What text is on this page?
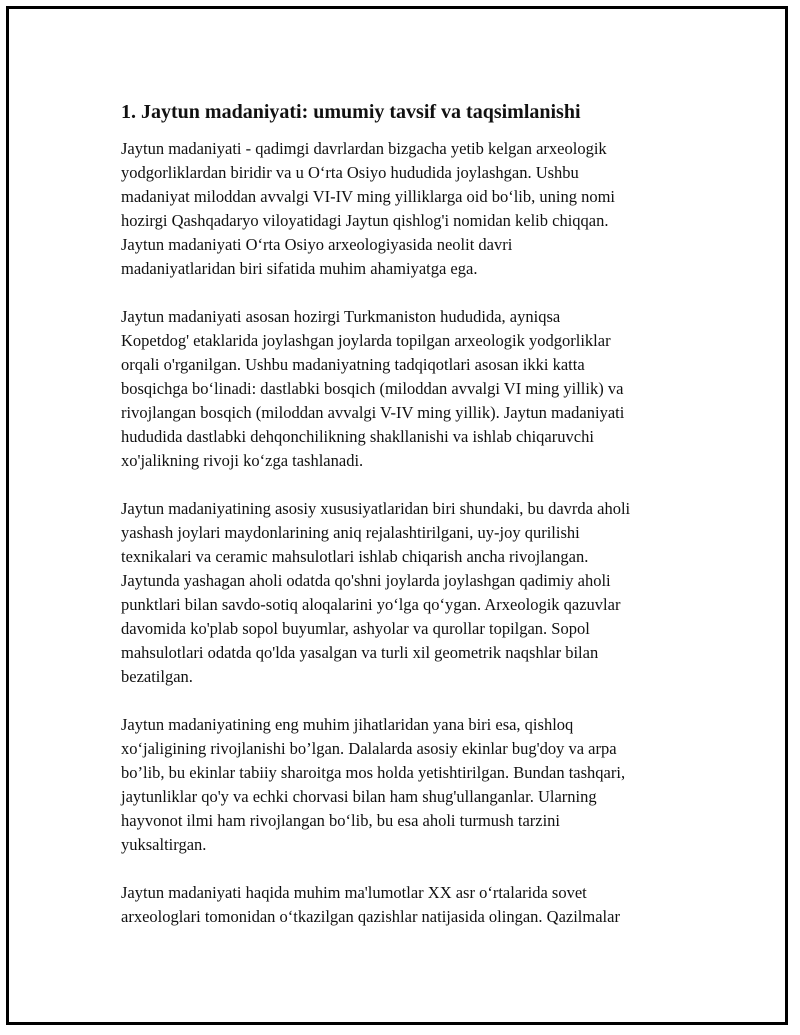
1. Jaytun madaniyati: umumiy tavsif va taqsimlanishi

Jaytun madaniyati - qadimgi davrlardan bizgacha yetib kelgan arxeologik
yodgorliklardan biridir va u O‘rta Osiyo hududida joylashgan. Ushbu
madaniyat miloddan avvalgi VI-IV ming yilliklarga oid bo‘lib, uning nomi
hozirgi Qashqadaryo viloyatidagi Jaytun qishlog'i nomidan kelib chiqqan.
Jaytun madaniyati O‘rta Osiyo arxeologiyasida neolit davri
madaniyatlaridan biri sifatida muhim ahamiyatga ega.

Jaytun madaniyati asosan hozirgi Turkmaniston hududida, ayniqsa
Kopetdog' etaklarida joylashgan joylarda topilgan arxeologik yodgorliklar
orqali o'rganilgan. Ushbu madaniyatning tadqiqotlari asosan ikki katta
bosqichga bo‘linadi: dastlabki bosqich (miloddan avvalgi VI ming yillik) va
rivojlangan bosqich (miloddan avvalgi V-IV ming yillik). Jaytun madaniyati
hududida dastlabki dehqonchilikning shakllanishi va ishlab chiqaruvchi
xo'jalikning rivoji ko‘zga tashlanadi.

Jaytun madaniyatining asosiy xususiyatlaridan biri shundaki, bu davrda aholi
yashash joylari maydonlarining aniq rejalashtirilgani, uy-joy qurilishi
texnikalari va ceramic mahsulotlari ishlab chiqarish ancha rivojlangan.
Jaytunda yashagan aholi odatda qo'shni joylarda joylashgan qadimiy aholi
punktlari bilan savdo-sotiq aloqalarini yo‘lga qo‘ygan. Arxeologik qazuvlar
davomida ko'plab sopol buyumlar, ashyolar va qurollar topilgan. Sopol
mahsulotlari odatda qo'lda yasalgan va turli xil geometrik naqshlar bilan
bezatilgan.

Jaytun madaniyatining eng muhim jihatlaridan yana biri esa, qishloq
xo‘jaligining rivojlanishi bo’lgan. Dalalarda asosiy ekinlar bug'doy va arpa
bo’lib, bu ekinlar tabiiy sharoitga mos holda yetishtirilgan. Bundan tashqari,
jaytunliklar qo'y va echki chorvasi bilan ham shug'ullanganlar. Ularning
hayvonot ilmi ham rivojlangan bo‘lib, bu esa aholi turmush tarzini
yuksaltirgan.

Jaytun madaniyati haqida muhim ma'lumotlar XX asr o‘rtalarida sovet
arxeologlari tomonidan o‘tkazilgan qazishlar natijasida olingan. Qazilmalar
